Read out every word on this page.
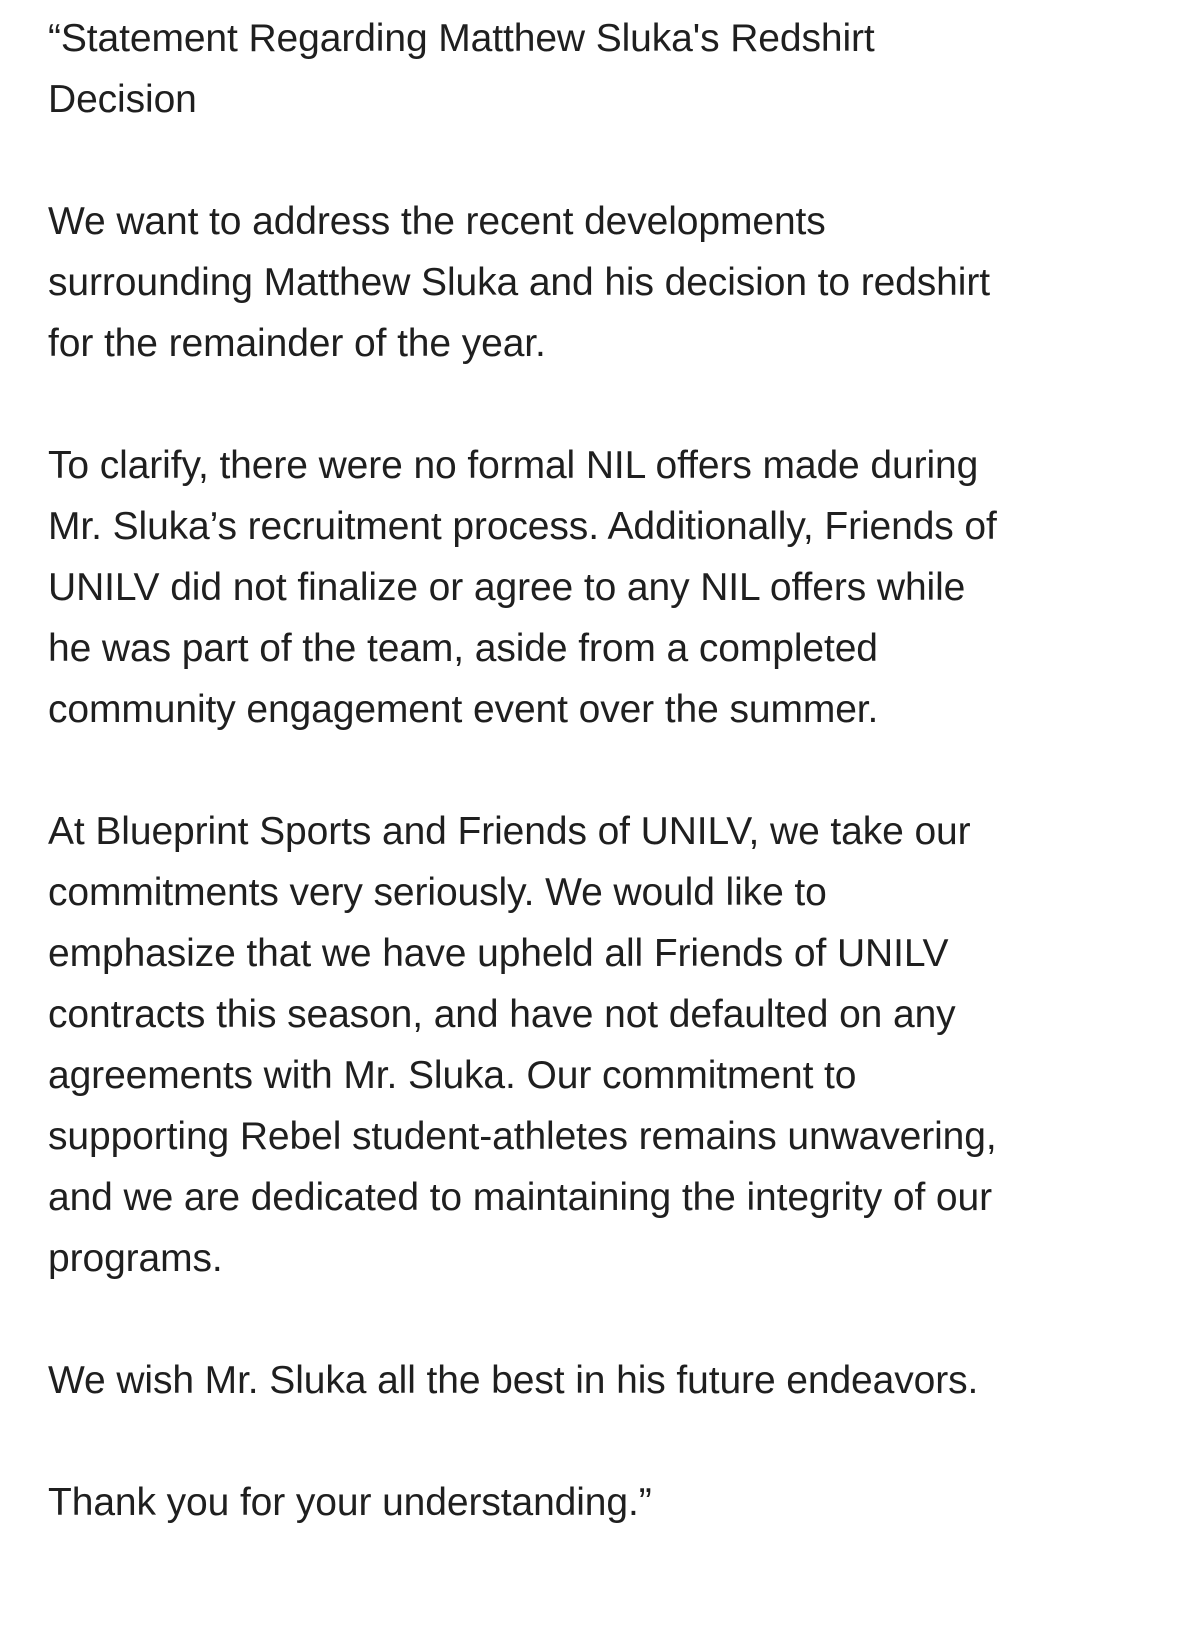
“Statement Regarding Matthew Sluka's Redshirt
Decision

We want to address the recent developments
surrounding Matthew Sluka and his decision to redshirt
for the remainder of the year.

To clarify, there were no formal NIL offers made during
Mr. Sluka’s recruitment process. Additionally, Friends of
UNILV did not finalize or agree to any NIL offers while
he was part of the team, aside from a completed
community engagement event over the summer.

At Blueprint Sports and Friends of UNILV, we take our
commitments very seriously. We would like to
emphasize that we have upheld all Friends of UNILV
contracts this season, and have not defaulted on any
agreements with Mr. Sluka. Our commitment to
supporting Rebel student-athletes remains unwavering,
and we are dedicated to maintaining the integrity of our
programs.

We wish Mr. Sluka all the best in his future endeavors.

Thank you for your understanding.”
